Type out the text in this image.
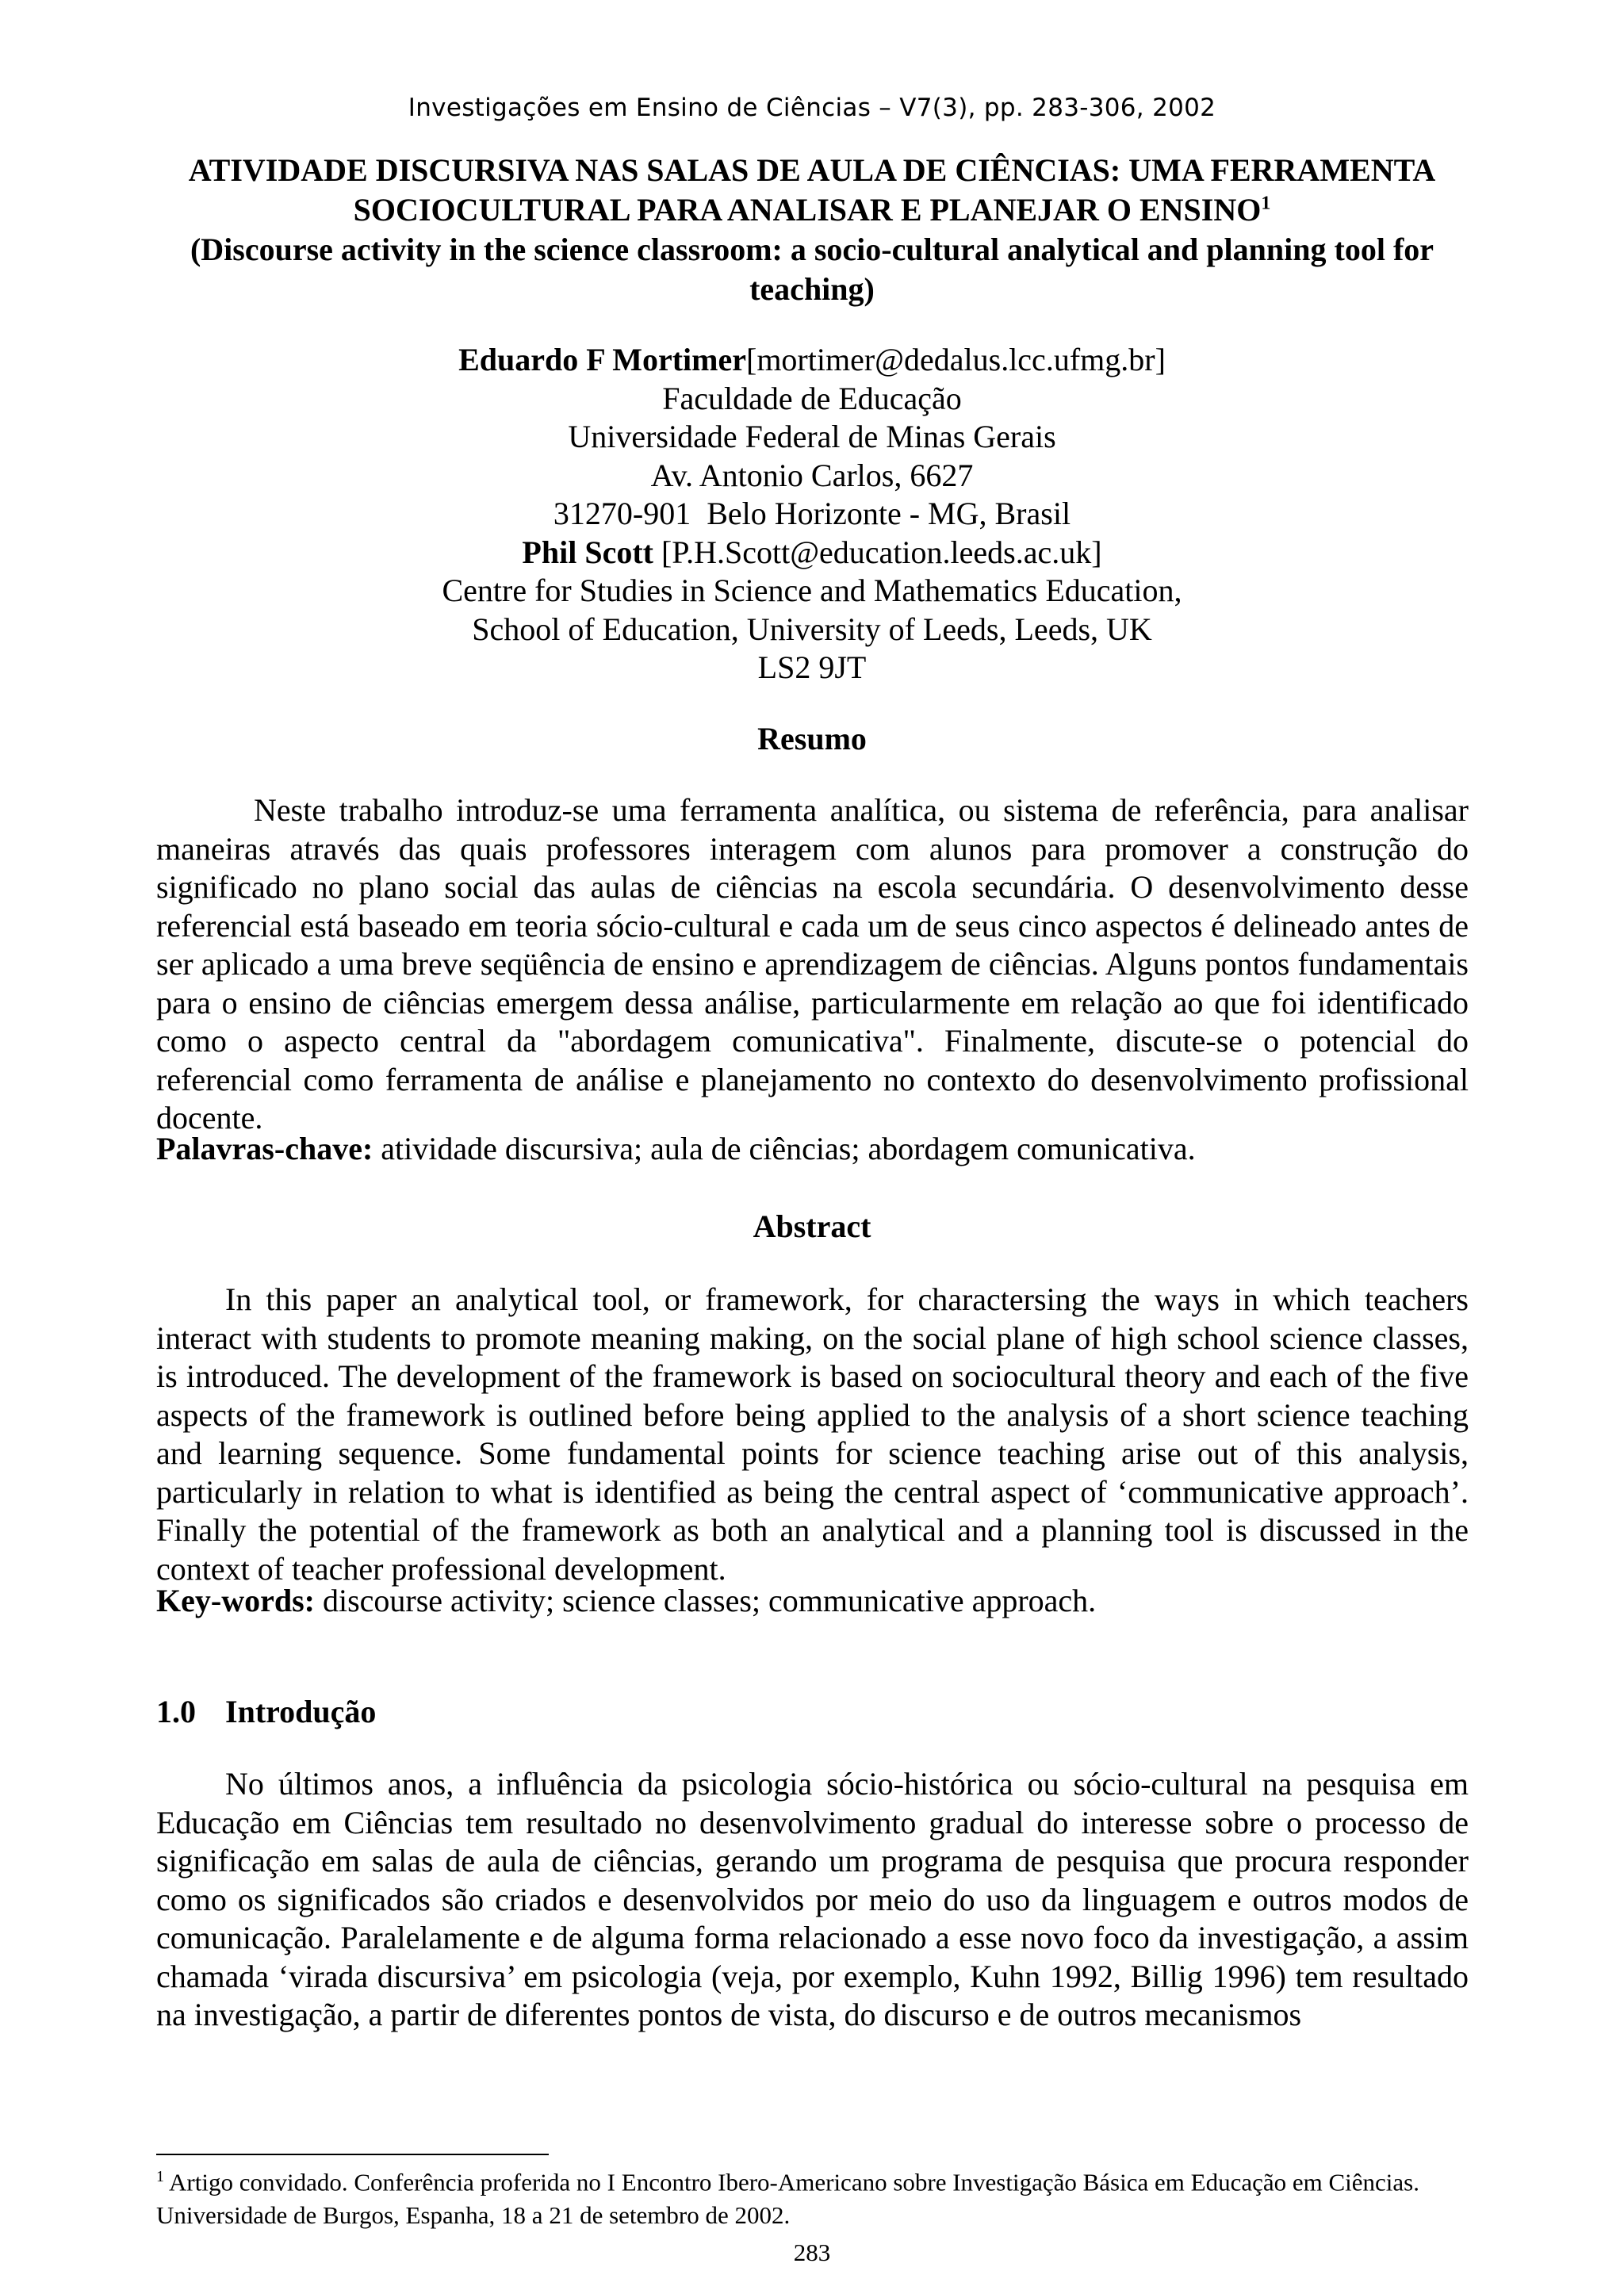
Investigações em Ensino de Ciências – V7(3), pp. 283-306, 2002
ATIVIDADE DISCURSIVA NAS SALAS DE AULA DE CIÊNCIAS: UMA FERRAMENTA
SOCIOCULTURAL PARA ANALISAR E PLANEJAR O ENSINO$^1$
(Discourse activity in the science classroom: a socio-cultural analytical and planning tool for
teaching)
Eduardo F Mortimer[mortimer@dedalus.lcc.ufmg.br]
Faculdade de Educação
Universidade Federal de Minas Gerais
Av. Antonio Carlos, 6627
31270-901  Belo Horizonte - MG, Brasil
Phil Scott [P.H.Scott@education.leeds.ac.uk]
Centre for Studies in Science and Mathematics Education,
School of Education, University of Leeds, Leeds, UK
LS2 9JT
Resumo

Neste trabalho introduz-se uma ferramenta analítica, ou sistema de referência, para analisar maneiras através das quais professores interagem com alunos para promover a construção do significado no plano social das aulas de ciências na escola secundária. O desenvolvimento desse referencial está baseado em teoria sócio-cultural e cada um de seus cinco aspectos é delineado antes de ser aplicado a uma breve seqüência de ensino e aprendizagem de ciências. Alguns pontos fundamentais para o ensino de ciências emergem dessa análise, particularmente em relação ao que foi identificado como o aspecto central da "abordagem comunicativa". Finalmente, discute-se o potencial do referencial como ferramenta de análise e planejamento no contexto do desenvolvimento profissional docente.

Palavras-chave: atividade discursiva; aula de ciências; abordagem comunicativa.

Abstract

In this paper an analytical tool, or framework, for charactersing the ways in which teachers interact with students to promote meaning making, on the social plane of high school science classes, is introduced. The development of the framework is based on sociocultural theory and each of the five aspects of the framework is outlined before being applied to the analysis of a short science teaching and learning sequence. Some fundamental points for science teaching arise out of this analysis, particularly in relation to what is identified as being the central aspect of ‘communicative approach’. Finally the potential of the framework as both an analytical and a planning tool is discussed in the context of teacher professional development.

Key-words: discourse activity; science classes; communicative approach.

1.0 Introdução

No últimos anos, a influência da psicologia sócio-histórica ou sócio-cultural na pesquisa em Educação em Ciências tem resultado no desenvolvimento gradual do interesse sobre o processo de significação em salas de aula de ciências, gerando um programa de pesquisa que procura responder como os significados são criados e desenvolvidos por meio do uso da linguagem e outros modos de comunicação. Paralelamente e de alguma forma relacionado a esse novo foco da investigação, a assim chamada ‘virada discursiva’ em psicologia (veja, por exemplo, Kuhn 1992, Billig 1996) tem resultado na investigação, a partir de diferentes pontos de vista, do discurso e de outros mecanismos

$^1$ Artigo convidado. Conferência proferida no I Encontro Ibero-Americano sobre Investigação Básica em Educação em Ciências. Universidade de Burgos, Espanha, 18 a 21 de setembro de 2002.
283
